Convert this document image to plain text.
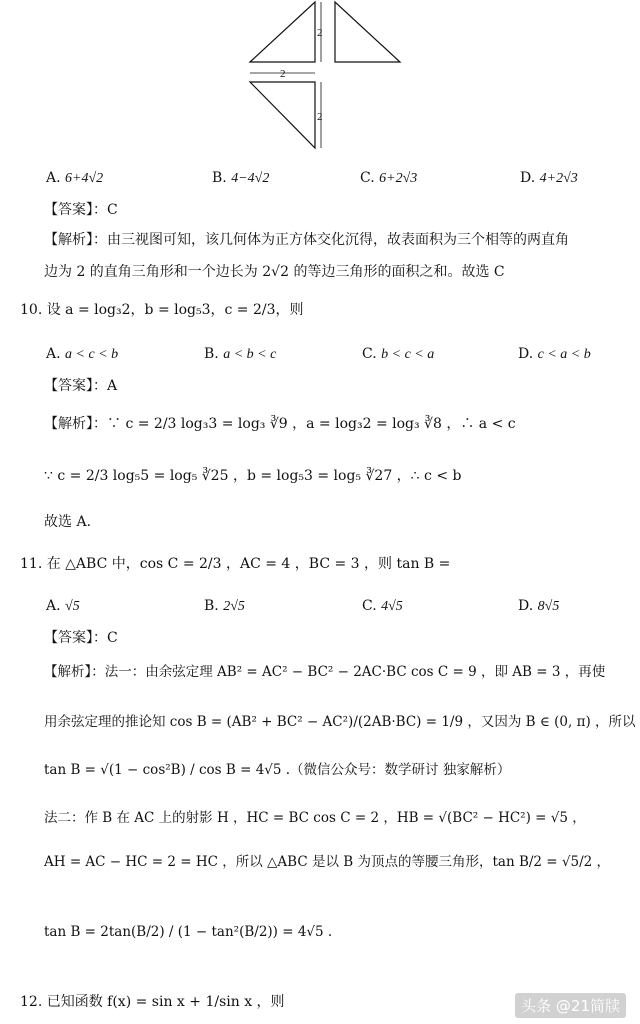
2
2
2
A. 6+4√2	B. 4−4√2	C. 6+2√3	D. 4+2√3
【答案】：C
【解析】：由三视图可知，该几何体为正方体交化沉得，故表面积为三个相等的两直角
边为 2 的直角三角形和一个边长为 2√2 的等边三角形的面积之和。故选 C
10. 设 a = log₃2，b = log₅3，c = 2/3，则
A. a < c < b	B. a < b < c	C. b < c < a	D. c < a < b
【答案】：A
【解析】：∵ c = 2/3 log₃3 = log₃ ∛9 ，a = log₃2 = log₃ ∛8 ，∴ a < c
∵ c = 2/3 log₅5 = log₅ ∛25 ，b = log₅3 = log₅ ∛27 ，∴ c < b
故选 A.
11. 在 △ABC 中，cos C = 2/3 ，AC = 4 ，BC = 3 ，则 tan B =
A. √5	B. 2√5	C. 4√5	D. 8√5
【答案】：C
【解析】：法一：由余弦定理 AB² = AC² − BC² − 2AC·BC cos C = 9 ，即 AB = 3 ，再使
用余弦定理的推论知 cos B = (AB² + BC² − AC²)/(2AB·BC) = 1/9 ，又因为 B ∈ (0, π) ，所以
tan B = √(1 − cos²B) / cos B = 4√5 .（微信公众号：数学研讨 独家解析）
法二：作 B 在 AC 上的射影 H ，HC = BC cos C = 2 ，HB = √(BC² − HC²) = √5 ，
AH = AC − HC = 2 = HC ，所以 △ABC 是以 B 为顶点的等腰三角形，tan B/2 = √5/2 ，
tan B = 2tan(B/2) / (1 − tan²(B/2)) = 4√5 .
12. 已知函数 f(x) = sin x + 1/sin x ，则	头条 @21简牍
